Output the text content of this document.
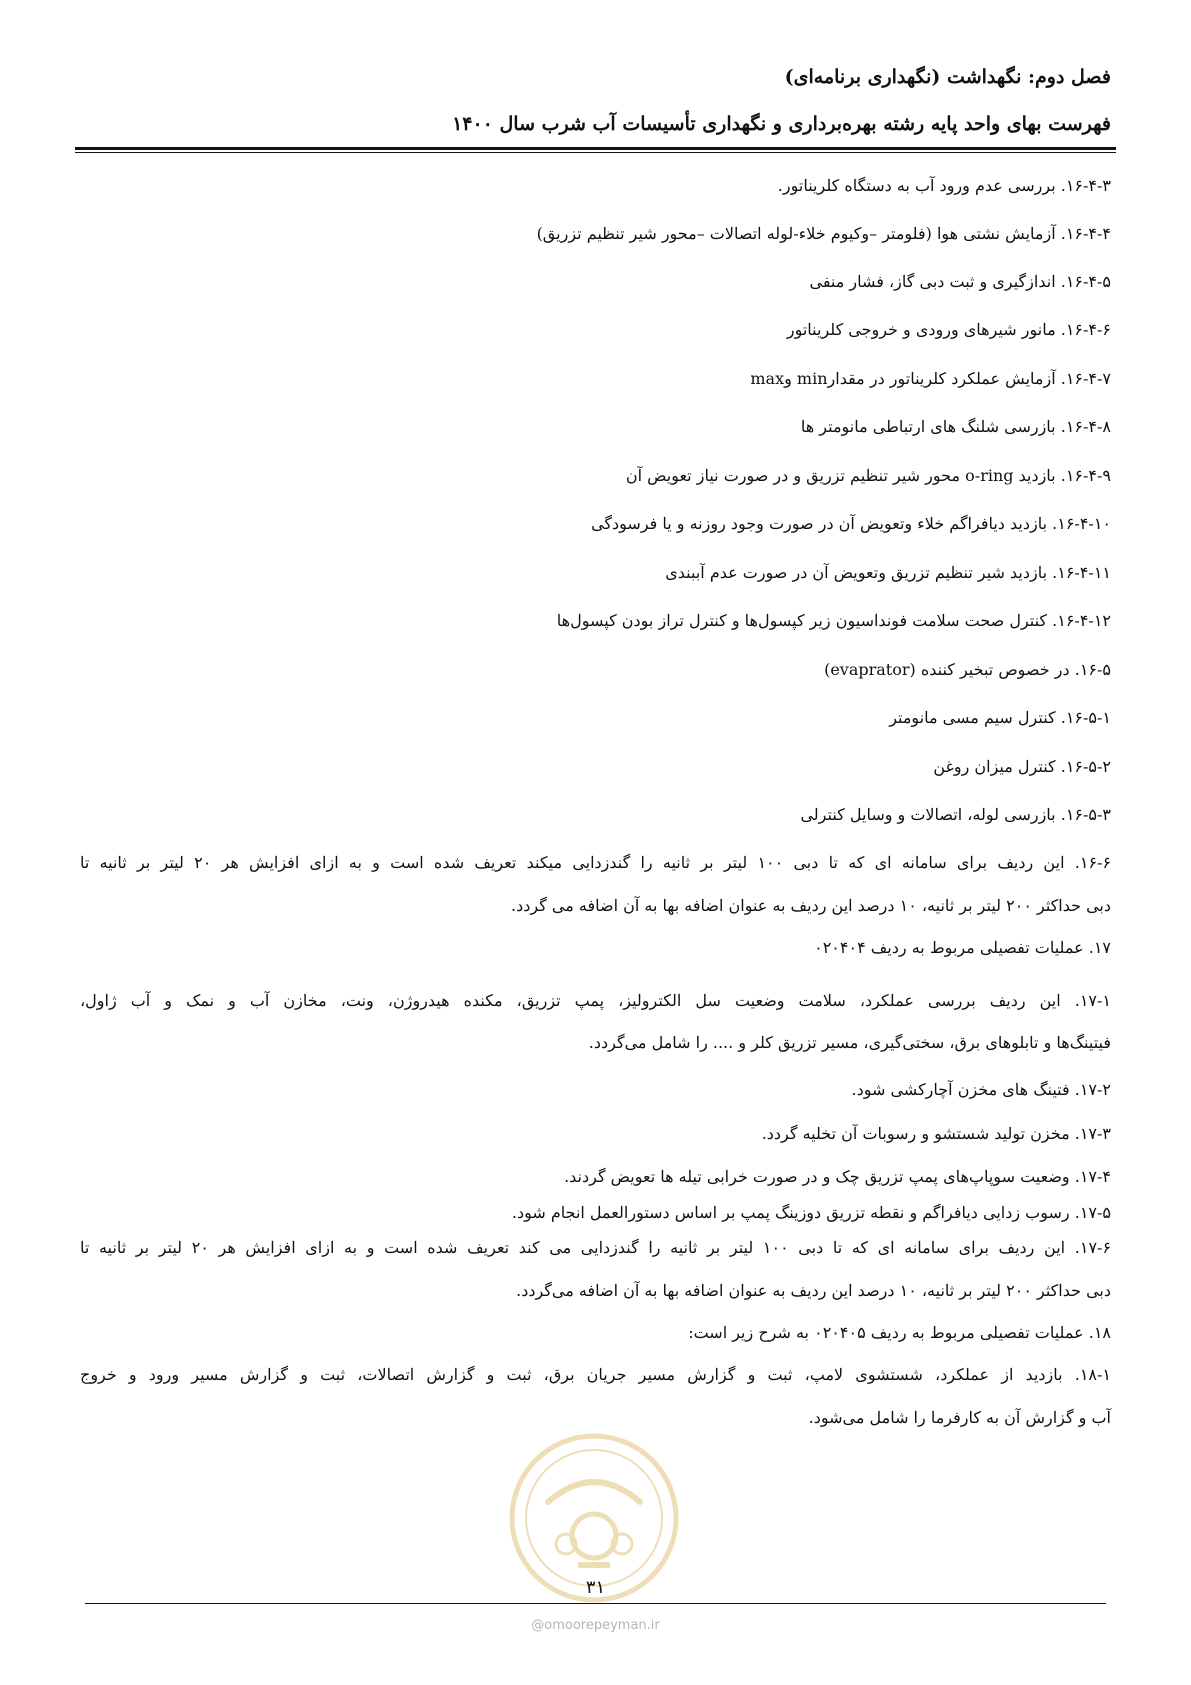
فصل دوم: نگهداشت (نگهداری برنامه‌ای)
فهرست بهای واحد پایه رشته بهره‌برداری و نگهداری تأسیسات آب شرب سال ۱۴۰۰
۱۶-۴-۳. بررسی عدم ورود آب به دستگاه کلریناتور.
۱۶-۴-۴. آزمایش نشتی هوا (فلومتر –وکیوم خلاء-لوله اتصالات –محور شیر تنظیم تزریق)
۱۶-۴-۵. اندازگیری و ثبت دبی گاز، فشار منفی
۱۶-۴-۶. مانور شیرهای ورودی و خروجی کلریناتور
۱۶-۴-۷. آزمایش عملکرد کلریناتور در مقدارmin وmax
۱۶-۴-۸. بازرسی شلنگ های ارتباطی مانومتر ها
۱۶-۴-۹. بازدید o-ring محور شیر تنظیم تزریق و در صورت نیاز تعویض آن
۱۶-۴-۱۰. بازدید دیافراگم خلاء وتعویض آن در صورت وجود روزنه و یا فرسودگی
۱۶-۴-۱۱. بازدید شیر تنظیم تزریق وتعویض آن در صورت عدم آببندی
۱۶-۴-۱۲. کنترل صحت سلامت فونداسیون زیر کپسول‌ها و کنترل تراز بودن کپسول‌ها
۱۶-۵. در خصوص تبخیر کننده (evaprator)
۱۶-۵-۱. کنترل سیم مسی مانومتر
۱۶-۵-۲. کنترل میزان روغن
۱۶-۵-۳. بازرسی لوله، اتصالات و وسایل کنترلی
۱۶-۶. این ردیف برای سامانه ای که تا دبی ۱۰۰ لیتر بر ثانیه را گندزدایی میکند تعریف شده است و به ازای افزایش هر ۲۰ لیتر بر ثانیه تا
دبی حداکثر ۲۰۰ لیتر بر ثانیه، ۱۰ درصد این ردیف به عنوان اضافه بها به آن اضافه می گردد.
۱۷. عملیات تفصیلی مربوط به ردیف ۰۲۰۴۰۴
۱۷-۱. این ردیف بررسی عملکرد، سلامت وضعیت سل الکترولیز، پمپ تزریق، مکنده هیدروژن، ونت، مخازن آب و نمک و آب ژاول،
فیتینگ‌ها و تابلوهای برق، سختی‌گیری، مسیر تزریق کلر و .... را شامل می‌گردد.
۱۷-۲. فتینگ های مخزن آچارکشی شود.
۱۷-۳. مخزن تولید شستشو و رسوبات آن تخلیه گردد.
۱۷-۴. وضعیت سوپاپ‌های پمپ تزریق چک و در صورت خرابی تیله ها تعویض گردند.
۱۷-۵. رسوب زدایی دیافراگم و نقطه تزریق دوزینگ پمپ بر اساس دستورالعمل انجام شود.
۱۷-۶. این ردیف برای سامانه ای که تا دبی ۱۰۰ لیتر بر ثانیه را گندزدایی می کند تعریف شده است و به ازای افزایش هر ۲۰ لیتر بر ثانیه تا
دبی حداکثر ۲۰۰ لیتر بر ثانیه، ۱۰ درصد این ردیف به عنوان اضافه بها به آن اضافه می‌گردد.
۱۸. عملیات تفصیلی مربوط به ردیف ۰۲۰۴۰۵ به شرح زیر است:
۱۸-۱. بازدید از عملکرد، شستشوی لامپ، ثبت و گزارش مسیر جریان برق، ثبت و گزارش اتصالات، ثبت و گزارش مسیر ورود و خروج
آب و گزارش آن به کارفرما را شامل می‌شود.
۳۱
@omoorepeyman.ir
